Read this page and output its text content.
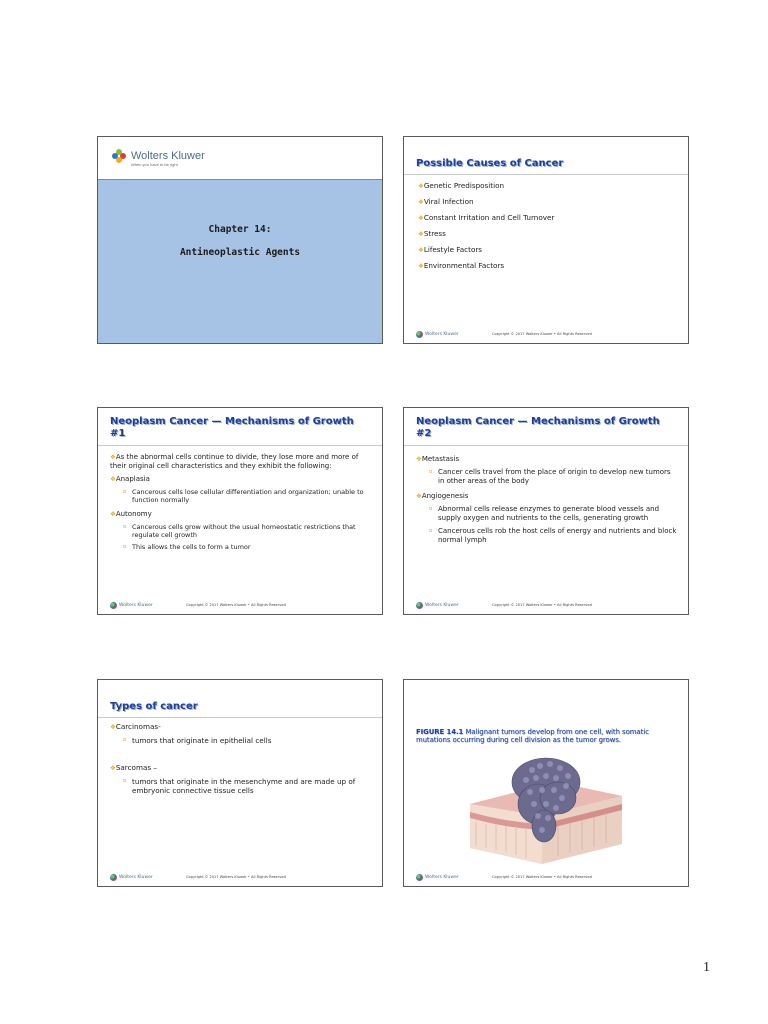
Wolters Kluwer
When you have to be right
Chapter 14:
Antineoplastic Agents
Possible Causes of Cancer
❖Genetic Predisposition
❖Viral Infection
❖Constant Irritation and Cell Turnover
❖Stress
❖Lifestyle Factors
❖Environmental Factors
Wolters Kluwer	Copyright © 2017 Wolters Kluwer • All Rights Reserved
Neoplasm Cancer — Mechanisms of Growth #1
❖As the abnormal cells continue to divide, they lose more and more of their original cell characteristics and they exhibit the following:
❖Anaplasia
o Cancerous cells lose cellular differentiation and organization; unable to function normally
❖Autonomy
o Cancerous cells grow without the usual homeostatic restrictions that regulate cell growth
o This allows the cells to form a tumor
Wolters Kluwer	Copyright © 2017 Wolters Kluwer • All Rights Reserved
Neoplasm Cancer — Mechanisms of Growth #2
❖Metastasis
o Cancer cells travel from the place of origin to develop new tumors in other areas of the body
❖Angiogenesis
o Abnormal cells release enzymes to generate blood vessels and supply oxygen and nutrients to the cells, generating growth
o Cancerous cells rob the host cells of energy and nutrients and block normal lymph
Wolters Kluwer	Copyright © 2017 Wolters Kluwer • All Rights Reserved
Types of cancer
❖Carcinomas-
o tumors that originate in epithelial cells
❖Sarcomas –
o tumors that originate in the mesenchyme and are made up of embryonic connective tissue cells
Wolters Kluwer	Copyright © 2017 Wolters Kluwer • All Rights Reserved
FIGURE 14.1 Malignant tumors develop from one cell, with somatic mutations occurring during cell division as the tumor grows.
Wolters Kluwer	Copyright © 2017 Wolters Kluwer • All Rights Reserved
1
